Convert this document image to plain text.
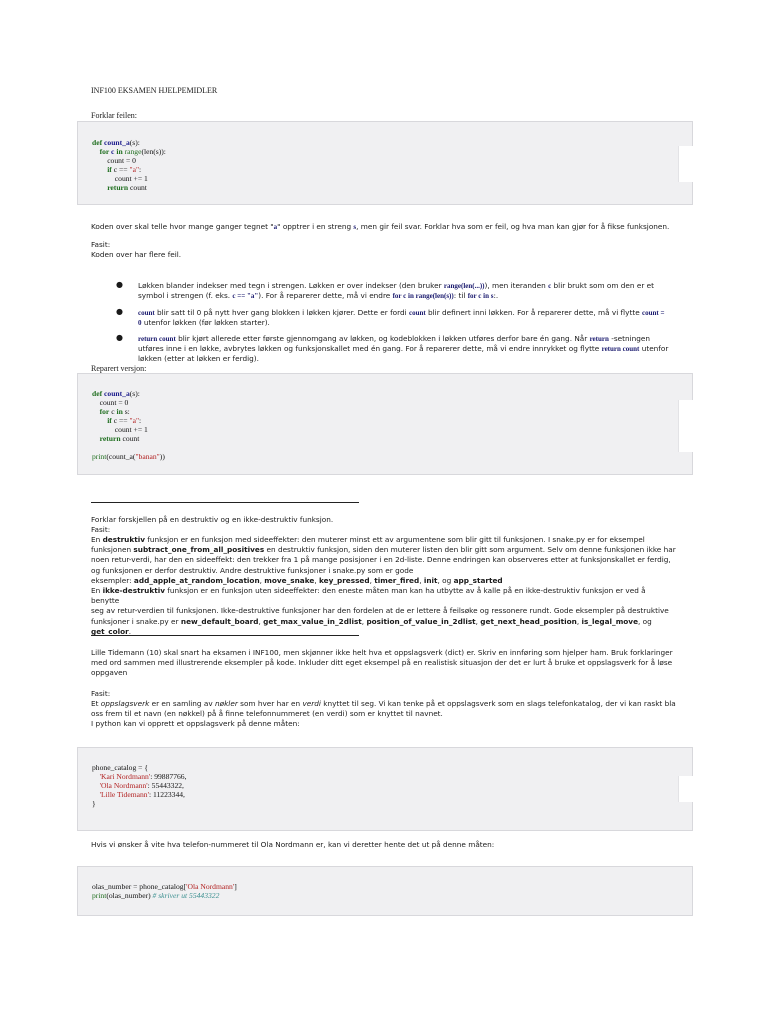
INF100 EKSAMEN HJELPEMIDLER
Forklar feilen:
def count_a(s):
for c in range(len(s)):
count = 0
if c == "a":
count += 1
return count
Koden over skal telle hvor mange ganger tegnet "a" opptrer i en streng s, men gir feil svar. Forklar hva som er feil, og hva man kan gjør for å fikse funksjonen.
Fasit:
Koden over har flere feil.
● Løkken blander indekser med tegn i strengen. Løkken er over indekser (den bruker range(len(...))), men iteranden c blir brukt som om den er et
symbol i strengen (f. eks. c == "a"). For å reparerer dette, må vi endre for c in range(len(s)): til for c in s:.
● count blir satt til 0 på nytt hver gang blokken i løkken kjører. Dette er fordi count blir definert inni løkken. For å reparerer dette, må vi flytte count =
0 utenfor løkken (før løkken starter).
● return count blir kjørt allerede etter første gjennomgang av løkken, og kodeblokken i løkken utføres derfor bare én gang. Når return -setningen
utføres inne i en løkke, avbrytes løkken og funksjonskallet med én gang. For å reparerer dette, må vi endre innrykket og flytte return count utenfor
løkken (etter at løkken er ferdig).
Reparert versjon:
def count_a(s):
count = 0
for c in s:
if c == "a":
count += 1
return count

print(count_a("banan"))
Forklar forskjellen på en destruktiv og en ikke-destruktiv funksjon.
Fasit:
En destruktiv funksjon er en funksjon med sideeffekter: den muterer minst ett av argumentene som blir gitt til funksjonen. I snake.py er for eksempel
funksjonen subtract_one_from_all_positives en destruktiv funksjon, siden den muterer listen den blir gitt som argument. Selv om denne funksjonen ikke har
noen retur-verdi, har den en sideeffekt: den trekker fra 1 på mange posisjoner i en 2d-liste. Denne endringen kan observeres etter at funksjonskallet er ferdig,
og funksjonen er derfor destruktiv. Andre destruktive funksjoner i snake.py som er gode
eksempler: add_apple_at_random_location, move_snake, key_pressed, timer_fired, init, og app_started
En ikke-destruktiv funksjon er en funksjon uten sideeffekter: den eneste måten man kan ha utbytte av å kalle på en ikke-destruktiv funksjon er ved å benytte
seg av retur-verdien til funksjonen. Ikke-destruktive funksjoner har den fordelen at de er lettere å feilsøke og ressonere rundt. Gode eksempler på destruktive
funksjoner i snake.py er new_default_board, get_max_value_in_2dlist, position_of_value_in_2dlist, get_next_head_position, is_legal_move, og get_color.
Lille Tidemann (10) skal snart ha eksamen i INF100, men skjønner ikke helt hva et oppslagsverk (dict) er. Skriv en innføring som hjelper ham. Bruk forklaringer
med ord sammen med illustrerende eksempler på kode. Inkluder ditt eget eksempel på en realistisk situasjon der det er lurt å bruke et oppslagsverk for å løse
oppgaven
Fasit:
Et oppslagsverk er en samling av nøkler som hver har en verdi knyttet til seg. Vi kan tenke på et oppslagsverk som en slags telefonkatalog, der vi kan raskt bla
oss frem til et navn (en nøkkel) på å finne telefonnummeret (en verdi) som er knyttet til navnet.
I python kan vi opprett et oppslagsverk på denne måten:
phone_catalog = {
'Kari Nordmann': 99887766,
'Ola Nordmann': 55443322,
'Lille Tidemann': 11223344,
}
Hvis vi ønsker å vite hva telefon-nummeret til Ola Nordmann er, kan vi deretter hente det ut på denne måten:
olas_number = phone_catalog['Ola Nordmann']
print(olas_number) # skriver ut 55443322
